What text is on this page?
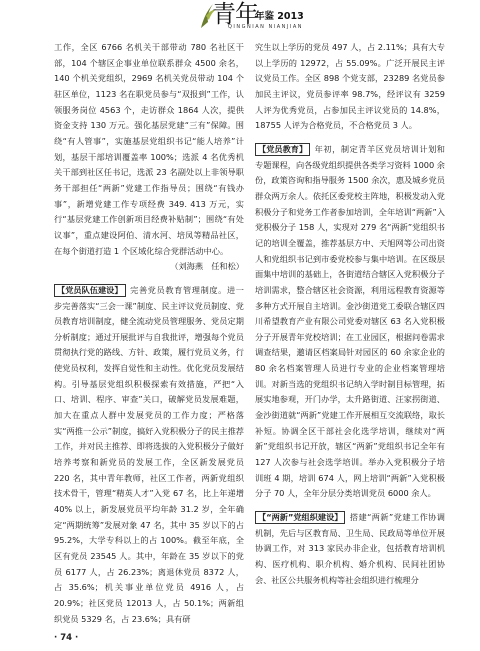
青年
年鉴 2013
QINGNIAN NIANJIAN

工作，全区 6766 名机关干部带动 780 名社区干部，104 个辖区企事业单位联系群众 4500 余名，140 个机关党组织，2969 名机关党员带动 104 个驻区单位，1123 名在职党员参与“双报到”工作，认领服务岗位 4563 个，走访群众 1864 人次，提供资金支持 130 万元。强化基层党建“三有”保障。围绕“有人管事”，实施基层党组织书记“能人培养”计划，基层干部培训覆盖率 100%；选派 4 名优秀机关干部到社区任书记，选派 23 名副处以上非领导职务干部担任“两新”党建工作指导员；围绕“有钱办事”，新增党建工作专项经费 349. 413 万元，实行“基层党建工作创新项目经费补贴制”；围绕“有处议事”，重点建设阿伯、清水河、培凤等精品社区，在每个街道打造 1 个区域化综合党群活动中心。

（刘海燕　任和松）

【党员队伍建设】 完善党员教育管理制度。进一步完善落实“三会一课”制度、民主评议党员制度、党员教育培训制度，健全流动党员管理服务、党员定期分析制度；通过开展批评与自我批评，增强每个党员贯彻执行党的路线、方针、政策，履行党员义务，行使党员权利，发挥自觉性和主动性。优化党员发展结构。引导基层党组织积极探索有效措施，严把“入口、培训、程序、审查”关口，破解党员发展难题，加大在重点人群中发展党员的工作力度；严格落实“两推一公示”制度，搞好入党积极分子的民主推荐工作，并对民主推荐、即将选拔的入党积极分子做好培养考察和新党员的发展工作，全区新发展党员 220 名，其中青年教师，社区工作者，两新党组织技术骨干，管理“精英人才”入党 67 名，比上年递增 40% 以上，新发展党员平均年龄 31.2 岁，全年确定“两期统筹”发展对象 47 名，其中 35 岁以下的占 95.2%，大学专科以上的占 100%。截至年底，全区有党员 23545 人。其中，年龄在 35 岁以下的党员 6177 人，占 26.23%；离退休党员 8372 人，占 35.6%；机关事业单位党员 4916 人，占 20.9%；社区党员 12013 人，占 50.1%；两新组织党员 5329 名，占 23.6%；具有研

究生以上学历的党员 497 人，占 2.11%；具有大专以上学历的 12972，占 55.09%。广泛开展民主评议党员工作。全区 898 个党支部，23289 名党员参加民主评议，党员参评率 98.7%，经评议有 3259 人评为优秀党员，占参加民主评议党员的 14.8%，18755 人评为合格党员，不合格党员 3 人。

【党员教育】 年初，制定青羊区党员培训计划和专题课程，向各级党组织提供各类学习资料 1000 余份，政策咨询和指导服务 1500 余次，惠及城乡党员群众两万余人。依托区委党校主阵地，积极发动入党积极分子和党务工作者参加培训，全年培训“两新”入党积极分子 158 人，实现对 279 名“两新”党组织书记的培训全覆盖，推荐基层方中、天旭网等公司出资人和党组织书记到市委党校参与集中培训。在区级层面集中培训的基础上，各街道结合辖区入党积极分子培训需求，整合辖区社会资源，利用远程教育资源等多种方式开展自主培训。金沙街道党工委联合辖区四川希望教育产业有限公司党委对辖区 63 名入党积极分子开展青年党校培训；在工业园区，根据问卷需求调查结果，邀请区档案局针对园区的 60 余家企业的 80 余名档案管理人员进行专业的企业档案管理培训。对新当选的党组织书记纳入学时制目标管理，拓展实地参观，开门办学，太升路街道、汪家拐街道、金沙街道就“两新”党建工作开展相互交流联络，取长补短。协调全区干部社会化选学培训，继续对“两新”党组织书记开放，辖区“两新”党组织书记全年有 127 人次参与社会选学培训。举办入党积极分子培训班 4 期，培训 674 人，网上培训“两新”入党积极分子 70 人，全年分层分类培训党员 6000 余人。

【“两新”党组织建设】 搭建“两新”党建工作协调机制，先后与区教育局、卫生局、民政局等单位开展协调工作，对 313 家民办非企业，包括教育培训机构、医疗机构、职介机构、婚介机构、民间社团协会、社区公共服务机构等社会组织进行梳理分

· 74 ·
